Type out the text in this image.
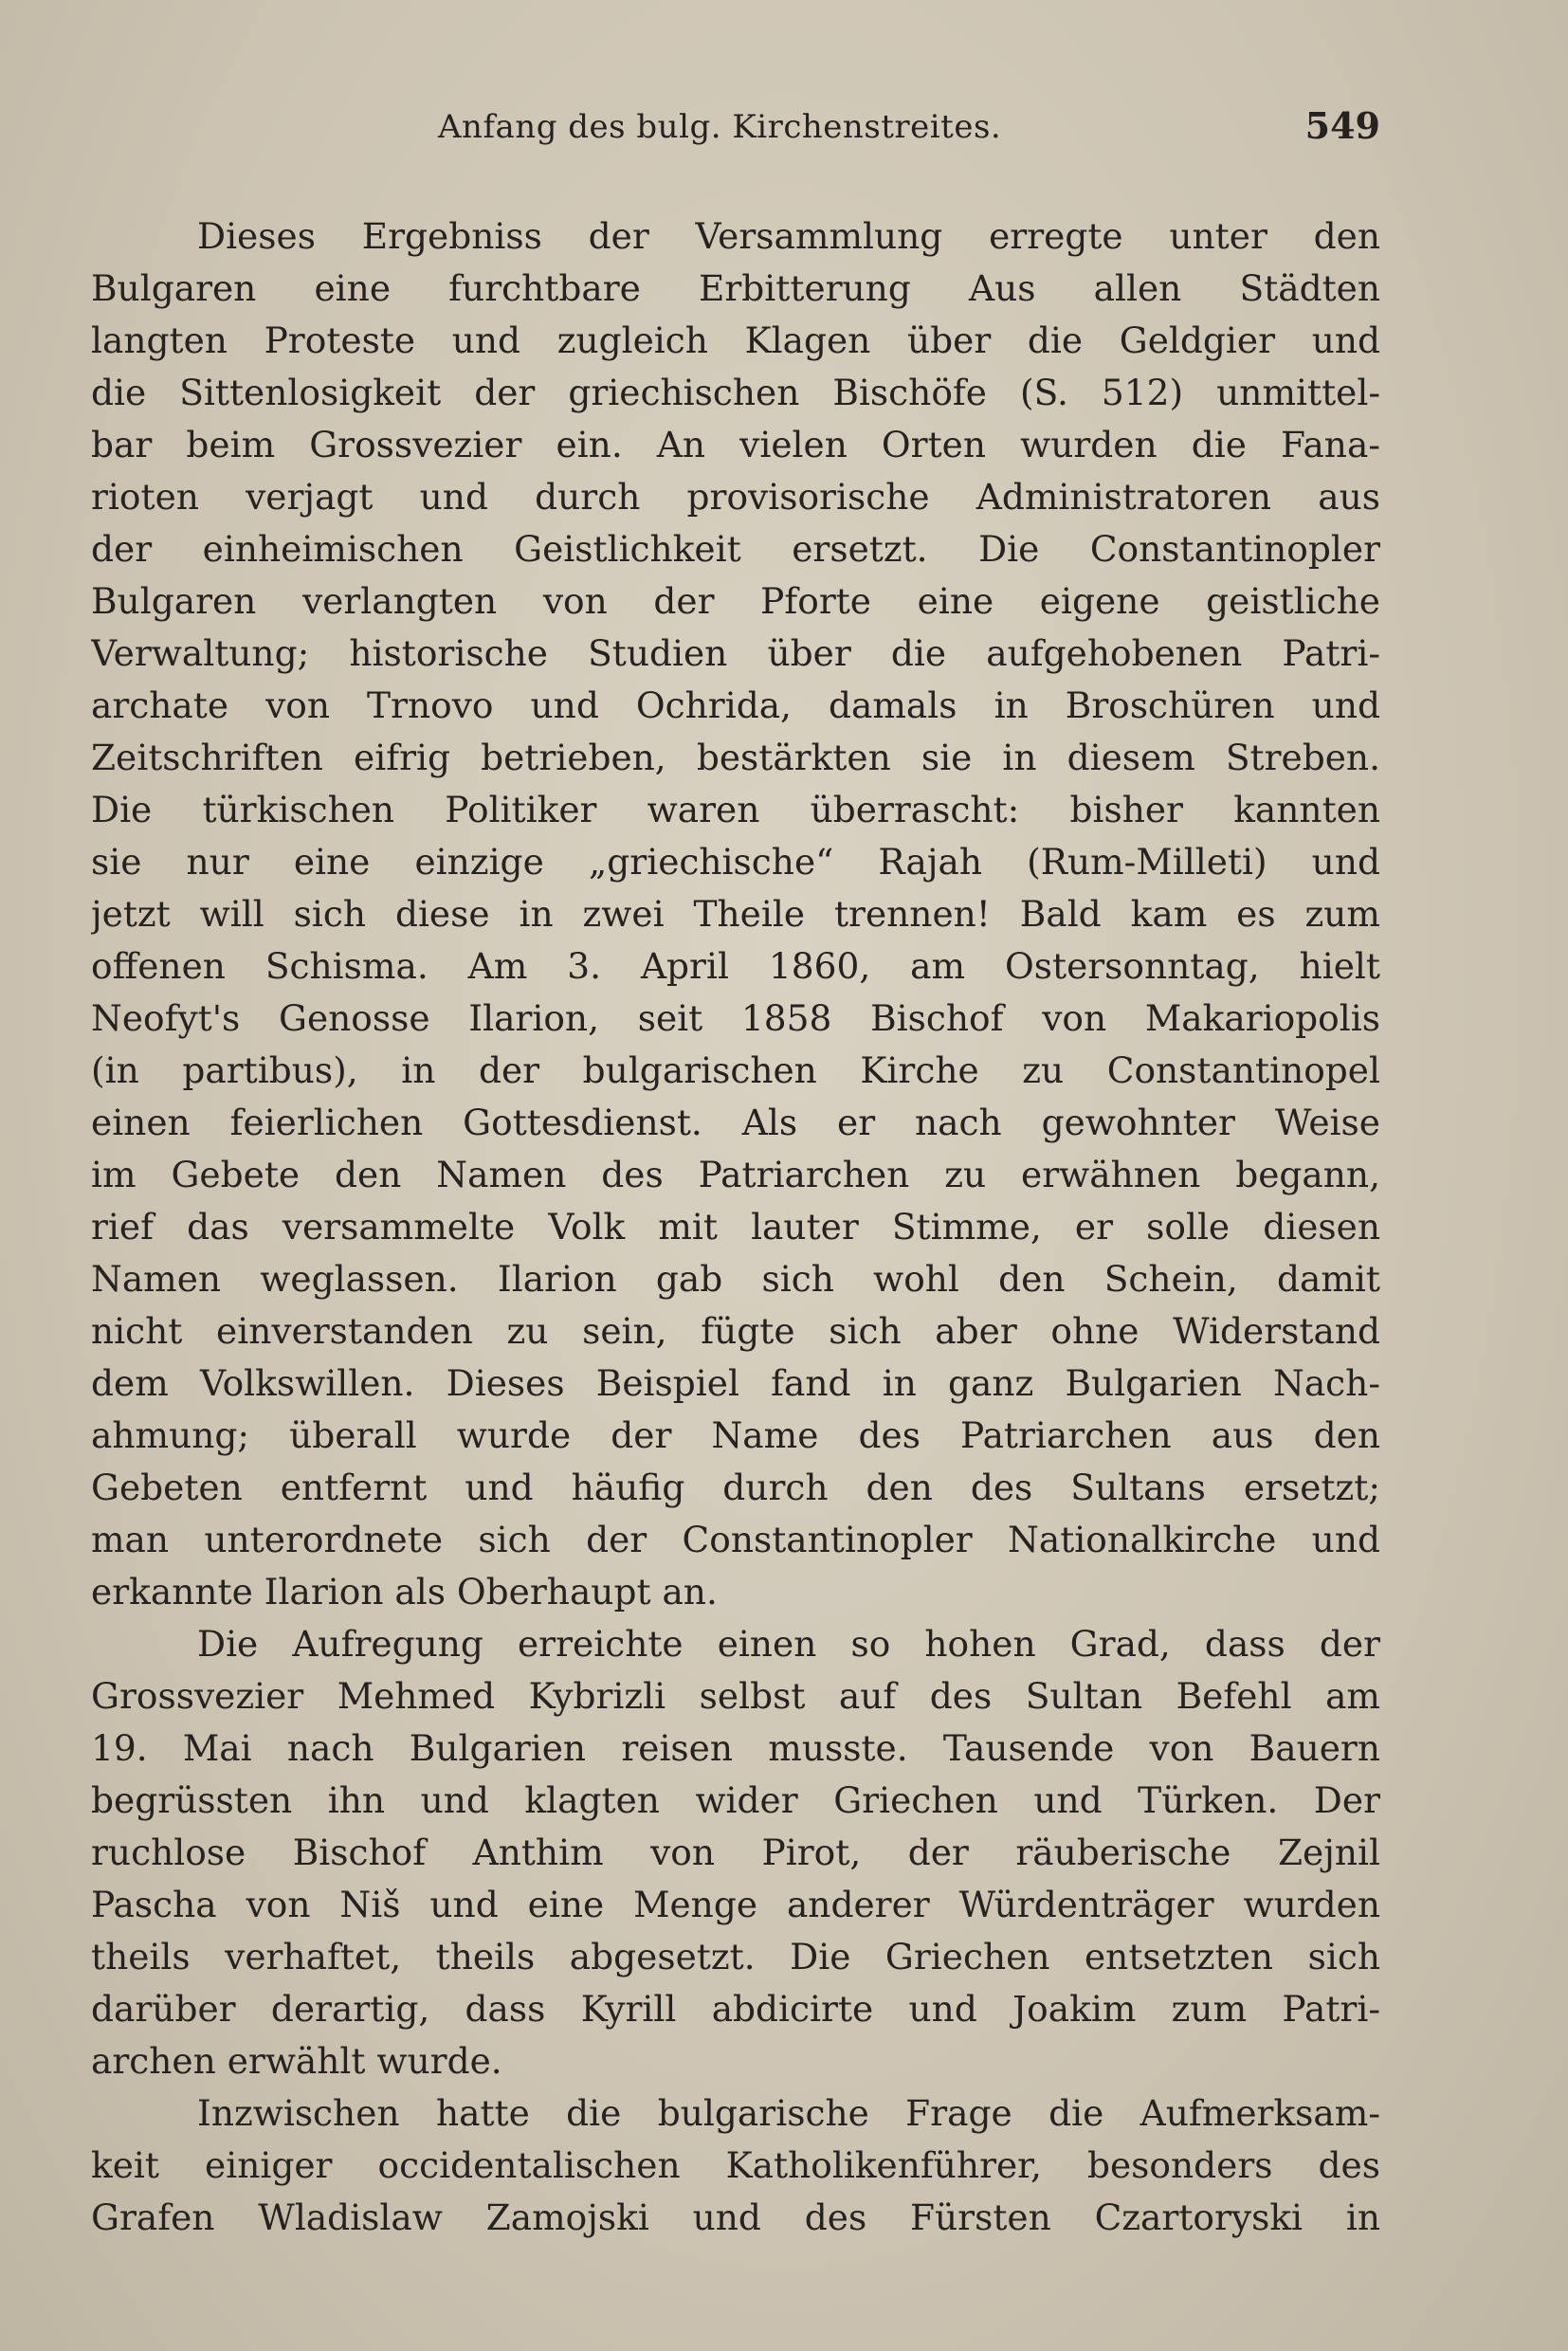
Anfang des bulg. Kirchenstreites.	549
Dieses Ergebniss der Versammlung erregte unter den
Bulgaren eine furchtbare Erbitterung Aus allen Städten
langten Proteste und zugleich Klagen über die Geldgier und
die Sittenlosigkeit der griechischen Bischöfe (S. 512) unmittel-
bar beim Grossvezier ein. An vielen Orten wurden die Fana-
rioten verjagt und durch provisorische Administratoren aus
der einheimischen Geistlichkeit ersetzt. Die Constantinopler
Bulgaren verlangten von der Pforte eine eigene geistliche
Verwaltung; historische Studien über die aufgehobenen Patri-
archate von Trnovo und Ochrida, damals in Broschüren und
Zeitschriften eifrig betrieben, bestärkten sie in diesem Streben.
Die türkischen Politiker waren überrascht: bisher kannten
sie nur eine einzige „griechische“ Rajah (Rum-Milleti) und
jetzt will sich diese in zwei Theile trennen! Bald kam es zum
offenen Schisma. Am 3. April 1860, am Ostersonntag, hielt
Neofyt's Genosse Ilarion, seit 1858 Bischof von Makariopolis
(in partibus), in der bulgarischen Kirche zu Constantinopel
einen feierlichen Gottesdienst. Als er nach gewohnter Weise
im Gebete den Namen des Patriarchen zu erwähnen begann,
rief das versammelte Volk mit lauter Stimme, er solle diesen
Namen weglassen. Ilarion gab sich wohl den Schein, damit
nicht einverstanden zu sein, fügte sich aber ohne Widerstand
dem Volkswillen. Dieses Beispiel fand in ganz Bulgarien Nach-
ahmung; überall wurde der Name des Patriarchen aus den
Gebeten entfernt und häufig durch den des Sultans ersetzt;
man unterordnete sich der Constantinopler Nationalkirche und
erkannte Ilarion als Oberhaupt an.
Die Aufregung erreichte einen so hohen Grad, dass der
Grossvezier Mehmed Kybrizli selbst auf des Sultan Befehl am
19. Mai nach Bulgarien reisen musste. Tausende von Bauern
begrüssten ihn und klagten wider Griechen und Türken. Der
ruchlose Bischof Anthim von Pirot, der räuberische Zejnil
Pascha von Niš und eine Menge anderer Würdenträger wurden
theils verhaftet, theils abgesetzt. Die Griechen entsetzten sich
darüber derartig, dass Kyrill abdicirte und Joakim zum Patri-
archen erwählt wurde.
Inzwischen hatte die bulgarische Frage die Aufmerksam-
keit einiger occidentalischen Katholikenführer, besonders des
Grafen Wladislaw Zamojski und des Fürsten Czartoryski in
